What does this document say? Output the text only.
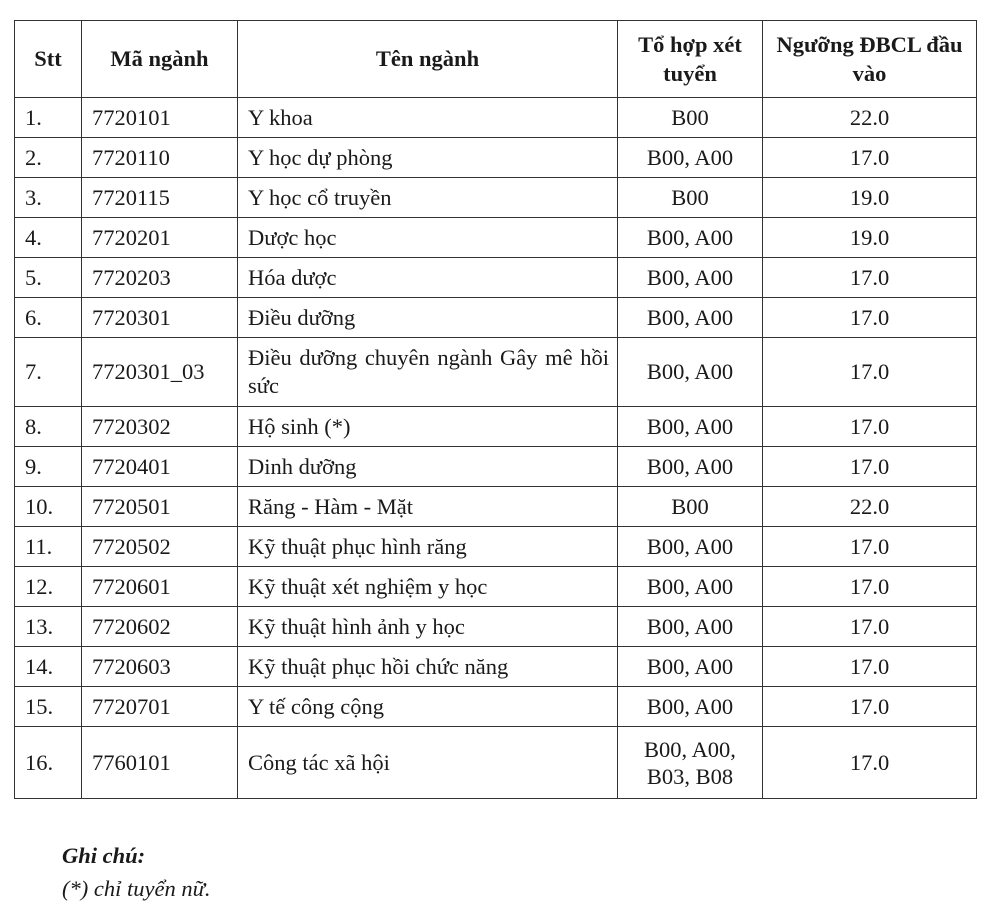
Stt	Mã ngành	Tên ngành	Tổ hợp xét tuyển	Ngưỡng ĐBCL đầu vào
1.	7720101	Y khoa	B00	22.0
2.	7720110	Y học dự phòng	B00, A00	17.0
3.	7720115	Y học cổ truyền	B00	19.0
4.	7720201	Dược học	B00, A00	19.0
5.	7720203	Hóa dược	B00, A00	17.0
6.	7720301	Điều dưỡng	B00, A00	17.0
7.	7720301_03	Điều dưỡng chuyên ngành Gây mê hồi sức	B00, A00	17.0
8.	7720302	Hộ sinh (*)	B00, A00	17.0
9.	7720401	Dinh dưỡng	B00, A00	17.0
10.	7720501	Răng - Hàm - Mặt	B00	22.0
11.	7720502	Kỹ thuật phục hình răng	B00, A00	17.0
12.	7720601	Kỹ thuật xét nghiệm y học	B00, A00	17.0
13.	7720602	Kỹ thuật hình ảnh y học	B00, A00	17.0
14.	7720603	Kỹ thuật phục hồi chức năng	B00, A00	17.0
15.	7720701	Y tế công cộng	B00, A00	17.0
16.	7760101	Công tác xã hội	B00, A00, B03, B08	17.0
Ghi chú:
(*) chỉ tuyển nữ.
